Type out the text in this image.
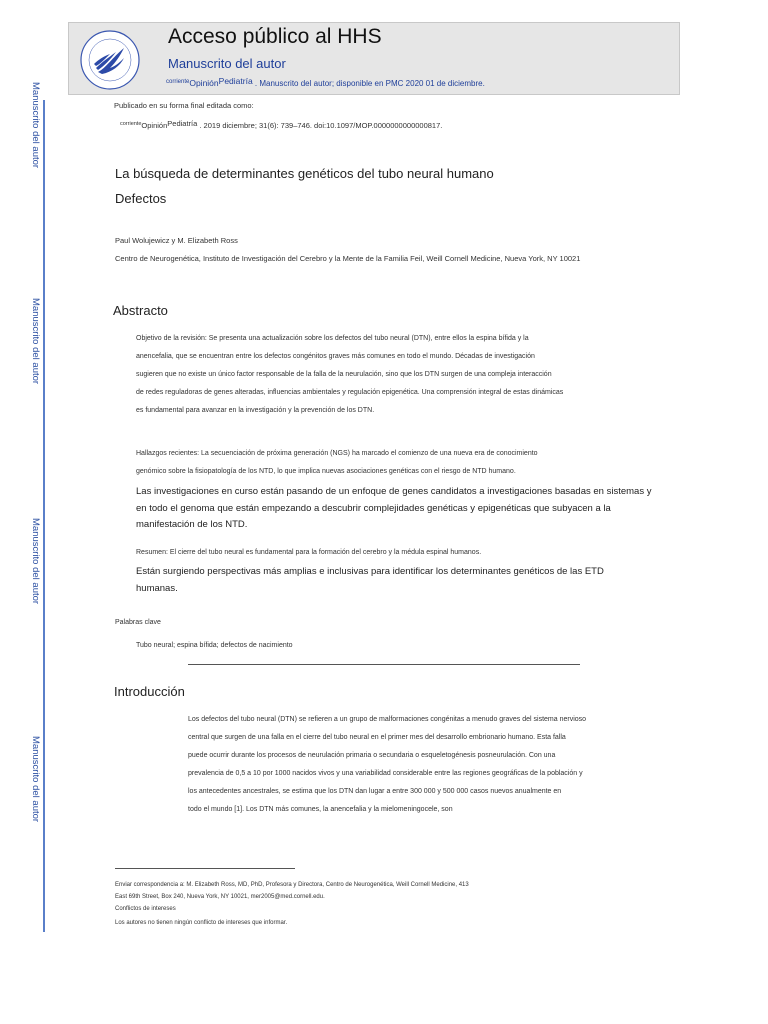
Acceso público al HHS
Manuscrito del autor
$^{corriente}$OpiniónPediatría . Manuscrito del autor; disponible en PMC 2020 01 de diciembre.
Manuscrito del autor
Manuscrito del autor
Manuscrito del autor
Manuscrito del autor
Publicado en su forma final editada como:
$^{corriente}$OpiniónPediatría . 2019 diciembre; 31(6): 739–746. doi:10.1097/MOP.0000000000000817.
La búsqueda de determinantes genéticos del tubo neural humano
Defectos
Paul Wolujewicz y M. Elizabeth Ross
Centro de Neurogenética, Instituto de Investigación del Cerebro y la Mente de la Familia Feil, Weill Cornell Medicine, Nueva York, NY 10021
Abstracto
Objetivo de la revisión: Se presenta una actualización sobre los defectos del tubo neural (DTN), entre ellos la espina bífida y la
anencefalia, que se encuentran entre los defectos congénitos graves más comunes en todo el mundo. Décadas de investigación
sugieren que no existe un único factor responsable de la falla de la neurulación, sino que los DTN surgen de una compleja interacción
de redes reguladoras de genes alteradas, influencias ambientales y regulación epigenética. Una comprensión integral de estas dinámicas
es fundamental para avanzar en la investigación y la prevención de los DTN.
Hallazgos recientes: La secuenciación de próxima generación (NGS) ha marcado el comienzo de una nueva era de conocimiento
genómico sobre la fisiopatología de los NTD, lo que implica nuevas asociaciones genéticas con el riesgo de NTD humano.
Las investigaciones en curso están pasando de un enfoque de genes candidatos a investigaciones basadas en sistemas y
en todo el genoma que están empezando a descubrir complejidades genéticas y epigenéticas que subyacen a la
manifestación de los NTD.
Resumen: El cierre del tubo neural es fundamental para la formación del cerebro y la médula espinal humanos.
Están surgiendo perspectivas más amplias e inclusivas para identificar los determinantes genéticos de las ETD
humanas.
Palabras clave
Tubo neural; espina bífida; defectos de nacimiento
Introducción
Los defectos del tubo neural (DTN) se refieren a un grupo de malformaciones congénitas a menudo graves del sistema nervioso
central que surgen de una falla en el cierre del tubo neural en el primer mes del desarrollo embrionario humano. Esta falla
puede ocurrir durante los procesos de neurulación primaria o secundaria o esqueletogénesis posneurulación. Con una
prevalencia de 0,5 a 10 por 1000 nacidos vivos y una variabilidad considerable entre las regiones geográficas de la población y
los antecedentes ancestrales, se estima que los DTN dan lugar a entre 300 000 y 500 000 casos nuevos anualmente en
todo el mundo [1]. Los DTN más comunes, la anencefalia y la mielomeningocele, son
Enviar correspondencia a: M. Elizabeth Ross, MD, PhD, Profesora y Directora, Centro de Neurogenética, Weill Cornell Medicine, 413
East 69th Street, Box 240, Nueva York, NY 10021, mer2005@med.cornell.edu.
Conflictos de intereses
Los autores no tienen ningún conflicto de intereses que informar.
